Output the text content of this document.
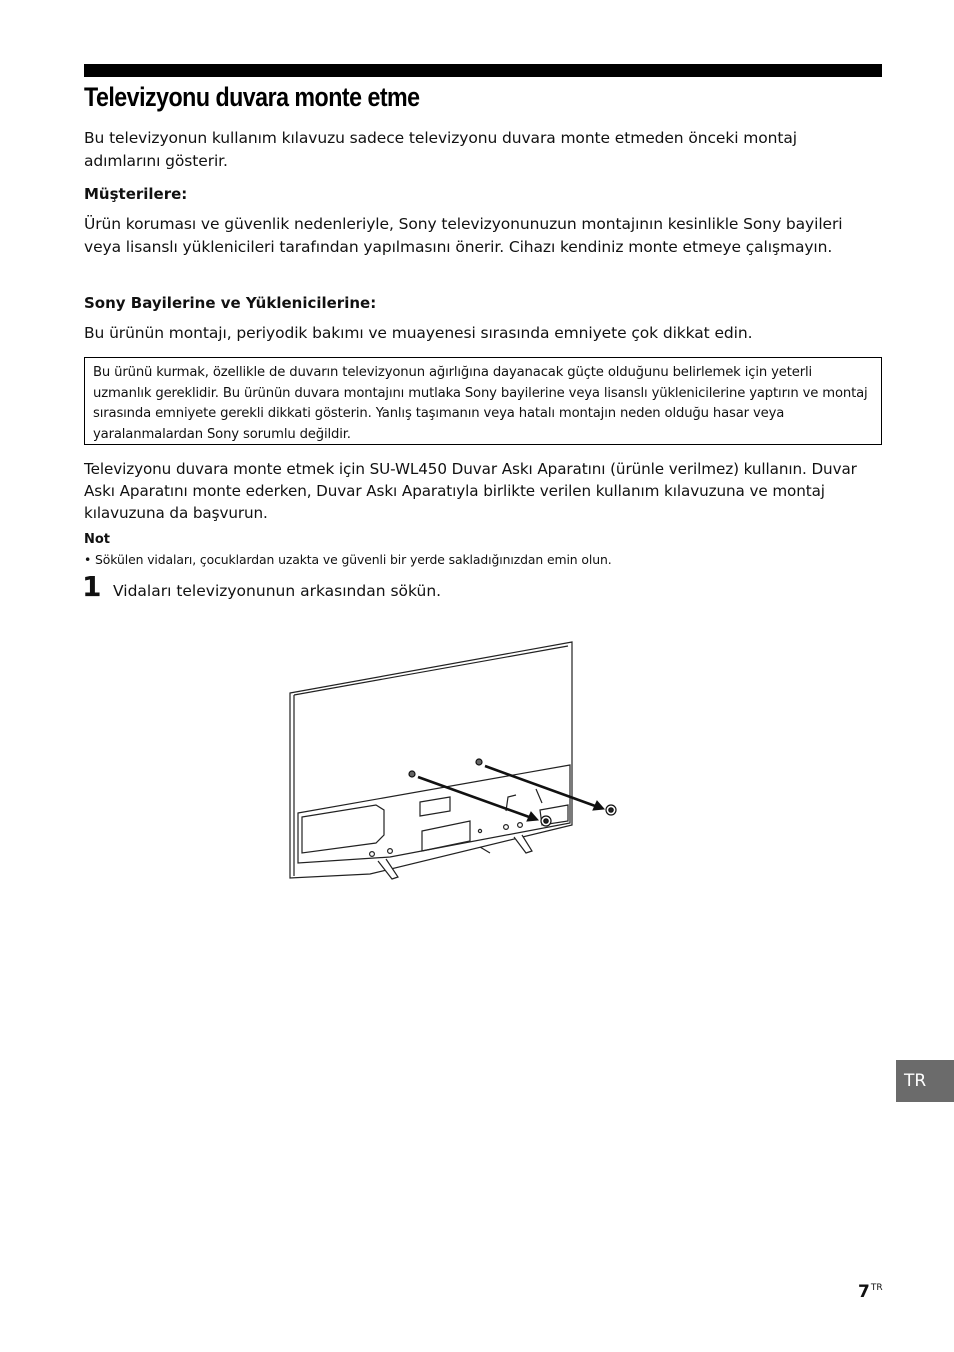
Televizyonu duvara monte etme

Bu televizyonun kullanım kılavuzu sadece televizyonu duvara monte etmeden önceki montaj adımlarını gösterir.

Müşterilere:

Ürün koruması ve güvenlik nedenleriyle, Sony televizyonunuzun montajının kesinlikle Sony bayileri veya lisanslı yüklenicileri tarafından yapılmasını önerir. Cihazı kendiniz monte etmeye çalışmayın.

Sony Bayilerine ve Yüklenicilerine:

Bu ürünün montajı, periyodik bakımı ve muayenesi sırasında emniyete çok dikkat edin.

Bu ürünü kurmak, özellikle de duvarın televizyonun ağırlığına dayanacak güçte olduğunu belirlemek için yeterli uzmanlık gereklidir. Bu ürünün duvara montajını mutlaka Sony bayilerine veya lisanslı yüklenicilerine yaptırın ve montaj sırasında emniyete gerekli dikkati gösterin. Yanlış taşımanın veya hatalı montajın neden olduğu hasar veya yaralanmalardan Sony sorumlu değildir.

Televizyonu duvara monte etmek için SU-WL450 Duvar Askı Aparatını (ürünle verilmez) kullanın. Duvar Askı Aparatını monte ederken, Duvar Askı Aparatıyla birlikte verilen kullanım kılavuzuna ve montaj kılavuzuna da başvurun.

Not
• Sökülen vidaları, çocuklardan uzakta ve güvenli bir yerde sakladığınızdan emin olun.
1 Vidaları televizyonunun arkasından sökün.
TR
$7^{TR}$
